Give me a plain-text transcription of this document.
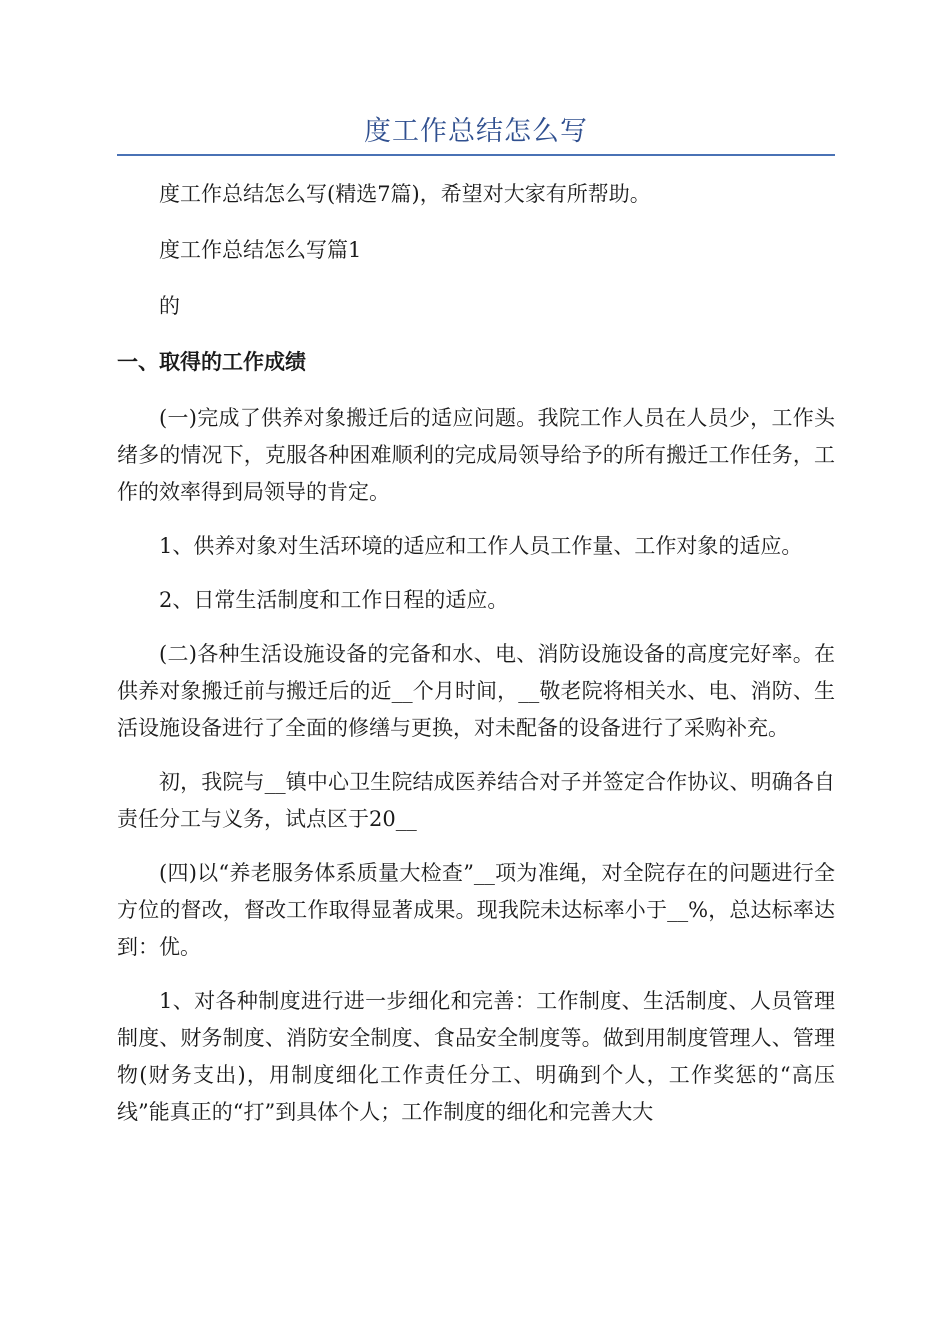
度工作总结怎么写

度工作总结怎么写(精选7篇)，希望对大家有所帮助。

度工作总结怎么写篇1

的

一、取得的工作成绩

(一)完成了供养对象搬迁后的适应问题。我院工作人员在人员少，工作头绪多的情况下，克服各种困难顺利的完成局领导给予的所有搬迁工作任务，工作的效率得到局领导的肯定。

1、供养对象对生活环境的适应和工作人员工作量、工作对象的适应。

2、日常生活制度和工作日程的适应。

(二)各种生活设施设备的完备和水、电、消防设施设备的高度完好率。在供养对象搬迁前与搬迁后的近__个月时间，__敬老院将相关水、电、消防、生活设施设备进行了全面的修缮与更换，对未配备的设备进行了采购补充。

初，我院与__镇中心卫生院结成医养结合对子并签定合作协议、明确各自责任分工与义务，试点区于20__

(四)以“养老服务体系质量大检查”__项为准绳，对全院存在的问题进行全方位的督改，督改工作取得显著成果。现我院未达标率小于__%，总达标率达到：优。

1、对各种制度进行进一步细化和完善：工作制度、生活制度、人员管理制度、财务制度、消防安全制度、食品安全制度等。做到用制度管理人、管理物(财务支出)，用制度细化工作责任分工、明确到个人，工作奖惩的“高压线”能真正的“打”到具体个人；工作制度的细化和完善大大
